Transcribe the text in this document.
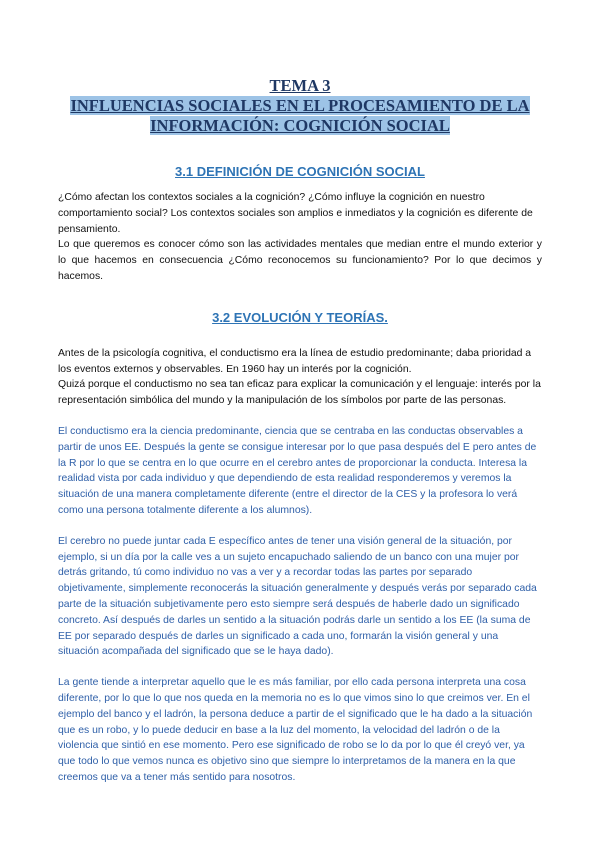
TEMA 3

INFLUENCIAS SOCIALES EN EL PROCESAMIENTO DE LA

INFORMACIÓN: COGNICIÓN SOCIAL

3.1 DEFINICIÓN DE COGNICIÓN SOCIAL

¿Cómo afectan los contextos sociales a la cognición? ¿Cómo influye la cognición en nuestro comportamiento social? Los contextos sociales son amplios e inmediatos y la cognición es diferente de pensamiento.

Lo que queremos es conocer cómo son las actividades mentales que median entre el mundo exterior y lo que hacemos en consecuencia ¿Cómo reconocemos su funcionamiento? Por lo que decimos y hacemos.

3.2 EVOLUCIÓN Y TEORÍAS.

Antes de la psicología cognitiva, el conductismo era la línea de estudio predominante; daba prioridad a los eventos externos y observables. En 1960 hay un interés por la cognición.

Quizá porque el conductismo no sea tan eficaz para explicar la comunicación y el lenguaje: interés por la representación simbólica del mundo y la manipulación de los símbolos por parte de las personas.

El conductismo era la ciencia predominante, ciencia que se centraba en las conductas observables a partir de unos EE. Después la gente se consigue interesar por lo que pasa después del E pero antes de la R por lo que se centra en lo que ocurre en el cerebro antes de proporcionar la conducta. Interesa la realidad vista por cada individuo y que dependiendo de esta realidad responderemos y veremos la situación de una manera completamente diferente (entre el director de la CES y la profesora lo verá como una persona totalmente diferente a los alumnos).

El cerebro no puede juntar cada E específico antes de tener una visión general de la situación, por ejemplo, si un día por la calle ves a un sujeto encapuchado saliendo de un banco con una mujer por detrás gritando, tú como individuo no vas a ver y a recordar todas las partes por separado objetivamente, simplemente reconocerás la situación generalmente y después verás por separado cada parte de la situación subjetivamente pero esto siempre será después de haberle dado un significado concreto. Así después de darles un sentido a la situación podrás darle un sentido a los EE (la suma de EE por separado después de darles un significado a cada uno, formarán la visión general y una situación acompañada del significado que se le haya dado).

La gente tiende a interpretar aquello que le es más familiar, por ello cada persona interpreta una cosa diferente, por lo que lo que nos queda en la memoria no es lo que vimos sino lo que creimos ver. En el ejemplo del banco y el ladrón, la persona deduce a partir de el significado que le ha dado a la situación que es un robo, y lo puede deducir en base a la luz del momento, la velocidad del ladrón o de la violencia que sintió en ese momento. Pero ese significado de robo se lo da por lo que él creyó ver, ya que todo lo que vemos nunca es objetivo sino que siempre lo interpretamos de la manera en la que creemos que va a tener más sentido para nosotros.
